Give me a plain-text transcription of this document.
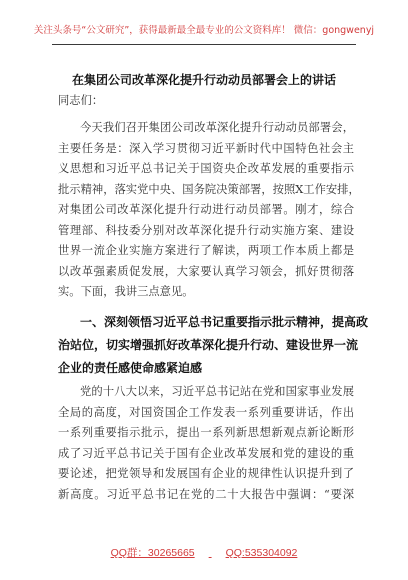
关注头条号“公文研究”，获得最新最全最专业的公文资料库！ 微信：gongwenyj
在集团公司改革深化提升行动动员部署会上的讲话
同志们：
今天我们召开集团公司改革深化提升行动动员部署会，
主要任务是：深入学习贯彻习近平新时代中国特色社会主
义思想和习近平总书记关于国资央企改革发展的重要指示
批示精神，落实党中央、国务院决策部署，按照X工作安排，
对集团公司改革深化提升行动进行动员部署。刚才，综合
管理部、科技委分别对改革深化提升行动实施方案、建设
世界一流企业实施方案进行了解读，两项工作本质上都是
以改革强素质促发展，大家要认真学习领会，抓好贯彻落
实。下面，我讲三点意见。
一、深刻领悟习近平总书记重要指示批示精神，提高政
治站位，切实增强抓好改革深化提升行动、建设世界一流
企业的责任感使命感紧迫感
党的十八大以来，习近平总书记站在党和国家事业发展
全局的高度，对国资国企工作发表一系列重要讲话，作出
一系列重要指示批示，提出一系列新思想新观点新论断形
成了习近平总书记关于国有企业改革发展和党的建设的重
要论述，把党领导和发展国有企业的规律性认识提升到了
新高度。习近平总书记在党的二十大报告中强调：“要深
QQ群：30265665	QQ:535304092
